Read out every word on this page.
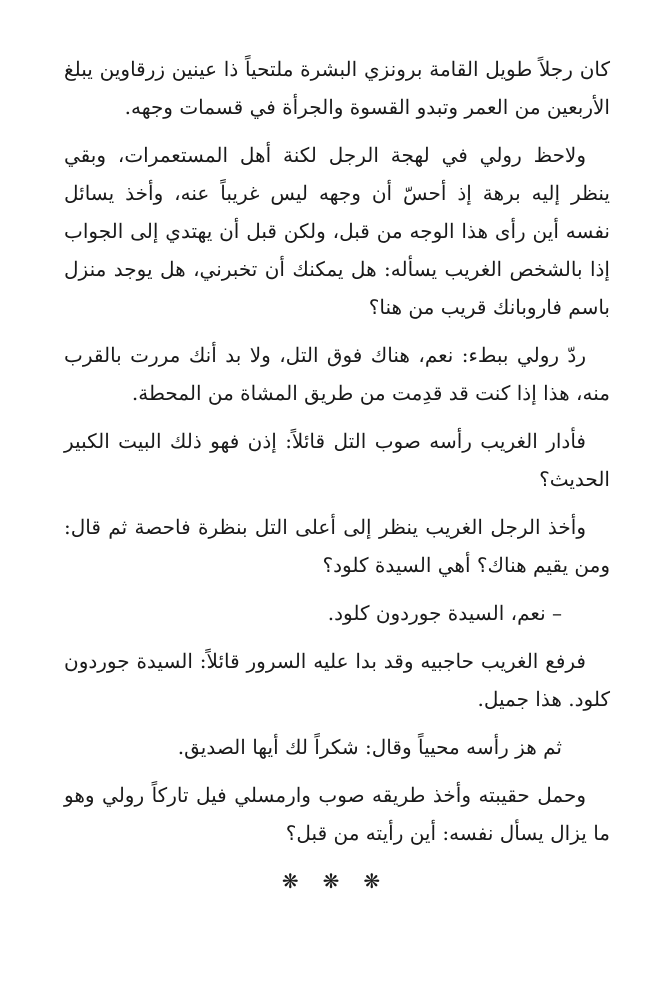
كان رجلاً طويل القامة برونزي البشرة ملتحياً ذا عينين زرقاوين يبلغ الأربعين من العمر وتبدو القسوة والجرأة في قسمات وجهه.

ولاحظ رولي في لهجة الرجل لكنة أهل المستعمرات، وبقي ينظر إليه برهة إذ أحسّ أن وجهه ليس غريباً عنه، وأخذ يسائل نفسه أين رأى هذا الوجه من قبل، ولكن قبل أن يهتدي إلى الجواب إذا بالشخص الغريب يسأله: هل يمكنك أن تخبرني، هل يوجد منزل باسم فاروبانك قريب من هنا؟

ردّ رولي ببطء: نعم، هناك فوق التل، ولا بد أنك مررت بالقرب منه، هذا إذا كنت قد قدِمت من طريق المشاة من المحطة.

فأدار الغريب رأسه صوب التل قائلاً: إذن فهو ذلك البيت الكبير الحديث؟

وأخذ الرجل الغريب ينظر إلى أعلى التل بنظرة فاحصة ثم قال: ومن يقيم هناك؟ أهي السيدة كلود؟

– نعم، السيدة جوردون كلود.

فرفع الغريب حاجبيه وقد بدا عليه السرور قائلاً: السيدة جوردون كلود. هذا جميل.

ثم هز رأسه محيياً وقال: شكراً لك أيها الصديق.

وحمل حقيبته وأخذ طريقه صوب وارمسلي فيل تاركاً رولي وهو ما يزال يسأل نفسه: أين رأيته من قبل؟

❋ ❋ ❋
